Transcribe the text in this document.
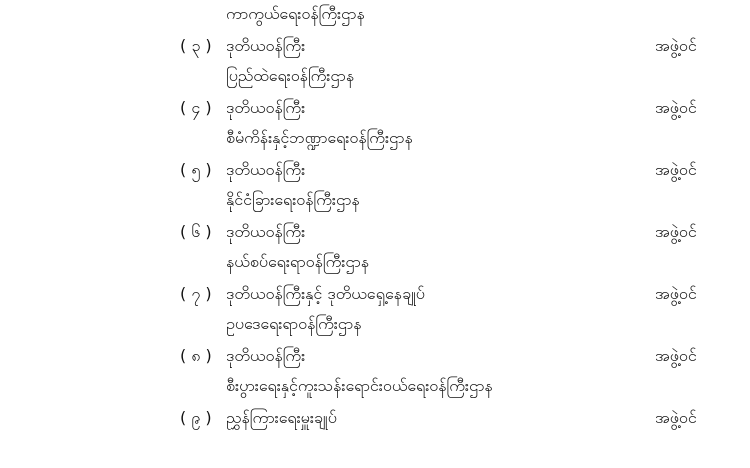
ကာကွယ်ရေးဝန်ကြီးဌာန
( ၃ ) ဒုတိယဝန်ကြီး	အဖွဲ့ဝင်
ပြည်ထဲရေးဝန်ကြီးဌာန
( ၄ ) ဒုတိယဝန်ကြီး	အဖွဲ့ဝင်
စီမံကိန်းနှင့်ဘဏ္ဍာရေးဝန်ကြီးဌာန
( ၅ ) ဒုတိယဝန်ကြီး	အဖွဲ့ဝင်
နိုင်ငံခြားရေးဝန်ကြီးဌာန
( ၆ ) ဒုတိယဝန်ကြီး	အဖွဲ့ဝင်
နယ်စပ်ရေးရာဝန်ကြီးဌာန
( ၇ ) ဒုတိယဝန်ကြီးနှင့် ဒုတိယရှေ့နေချုပ်	အဖွဲ့ဝင်
ဥပဒေရေးရာဝန်ကြီးဌာန
( ၈ ) ဒုတိယဝန်ကြီး	အဖွဲ့ဝင်
စီးပွားရေးနှင့်ကူးသန်းရောင်းဝယ်ရေးဝန်ကြီးဌာန
( ၉ ) ညွှန်ကြားရေးမှူးချုပ်	အဖွဲ့ဝင်
